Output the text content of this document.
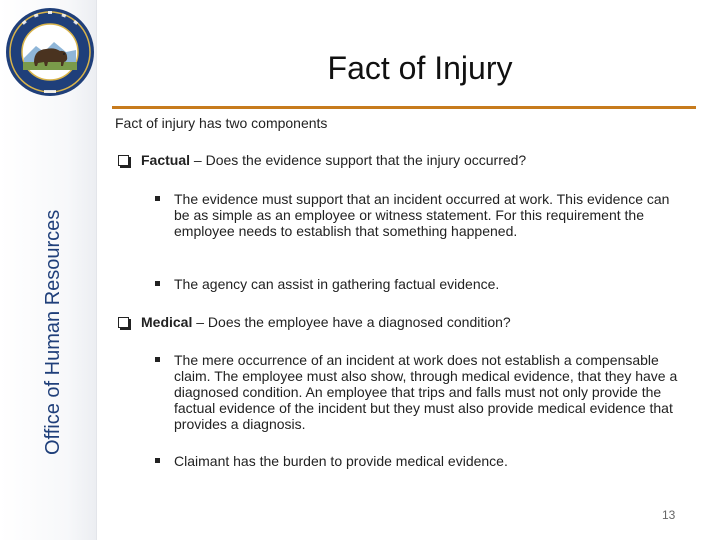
Office of Human Resources
Fact of Injury
Fact of injury has two components
Factual – Does the evidence support that the injury occurred?
The evidence must support that an incident occurred at work. This evidence can be as simple as an employee or witness statement. For this requirement the employee needs to establish that something happened.
The agency can assist in gathering factual evidence.
Medical – Does the employee have a diagnosed condition?
The mere occurrence of an incident at work does not establish a compensable claim. The employee must also show, through medical evidence, that they have a diagnosed condition. An employee that trips and falls must not only provide the factual evidence of the incident but they must also provide medical evidence that provides a diagnosis.
Claimant has the burden to provide medical evidence.
13
